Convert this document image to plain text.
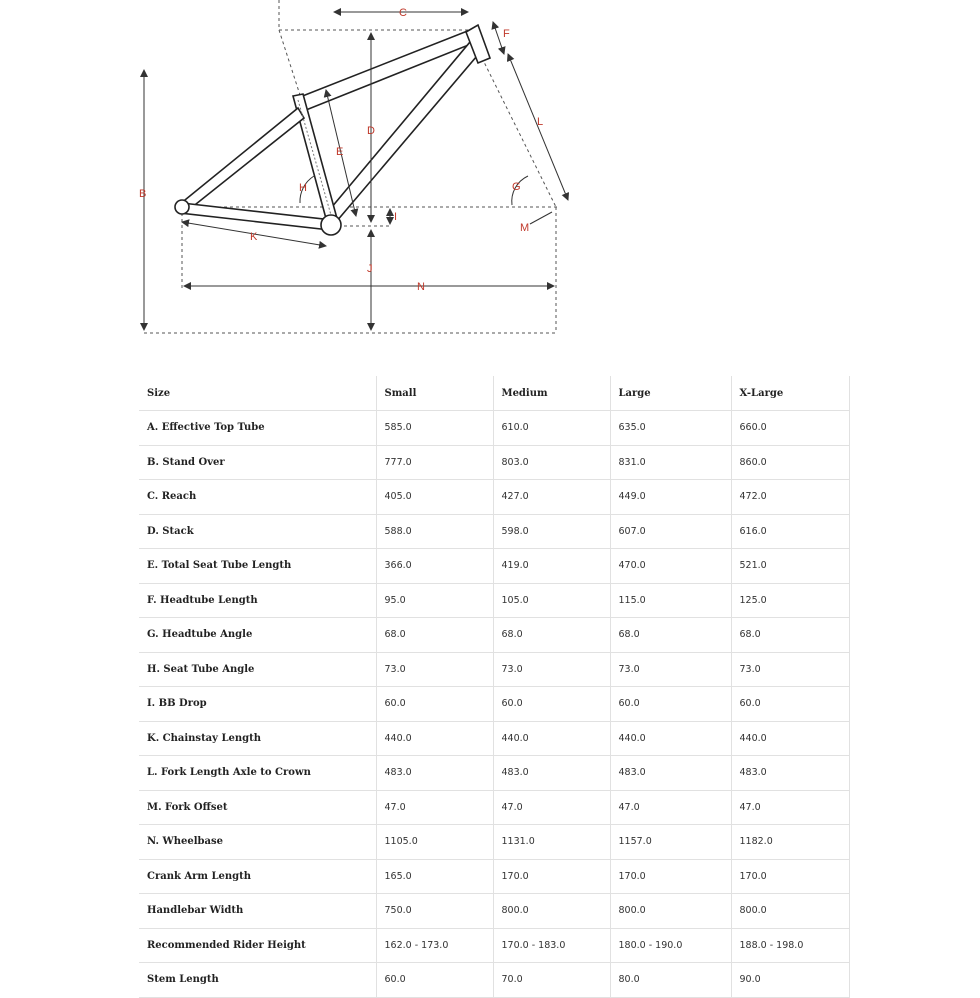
C
B
D
E
F
L
H	G
I
M
K
J
N
Size	Small	Medium	Large	X-Large
A. Effective Top Tube	585.0	610.0	635.0	660.0
B. Stand Over	777.0	803.0	831.0	860.0
C. Reach	405.0	427.0	449.0	472.0
D. Stack	588.0	598.0	607.0	616.0
E. Total Seat Tube Length	366.0	419.0	470.0	521.0
F. Headtube Length	95.0	105.0	115.0	125.0
G. Headtube Angle	68.0	68.0	68.0	68.0
H. Seat Tube Angle	73.0	73.0	73.0	73.0
I. BB Drop	60.0	60.0	60.0	60.0
K. Chainstay Length	440.0	440.0	440.0	440.0
L. Fork Length Axle to Crown	483.0	483.0	483.0	483.0
M. Fork Offset	47.0	47.0	47.0	47.0
N. Wheelbase	1105.0	1131.0	1157.0	1182.0
Crank Arm Length	165.0	170.0	170.0	170.0
Handlebar Width	750.0	800.0	800.0	800.0
Recommended Rider Height	162.0 - 173.0	170.0 - 183.0	180.0 - 190.0	188.0 - 198.0
Stem Length	60.0	70.0	80.0	90.0
